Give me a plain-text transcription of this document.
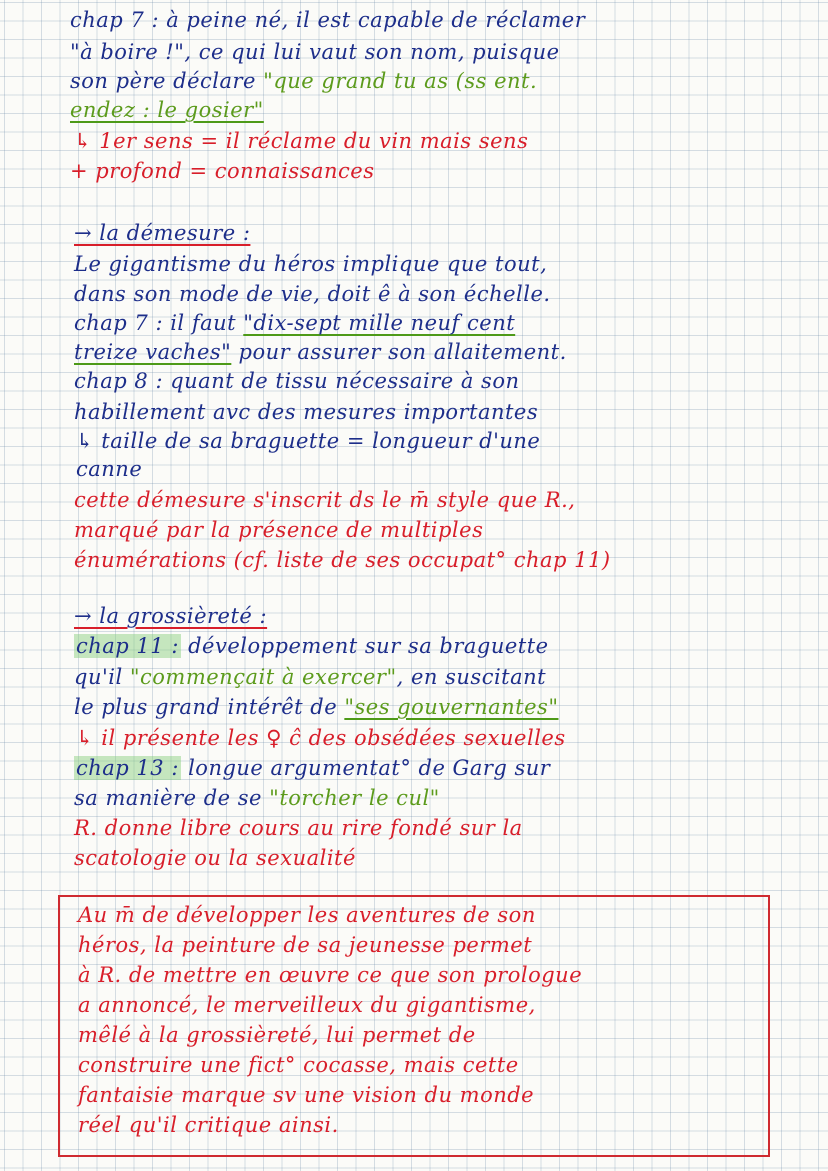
chap 7 : à peine né, il est capable de réclamer

"à boire !", ce qui lui vaut son nom, puisque

son père déclare "que grand tu as (ss ent.

endez : le gosier"

↳ 1er sens = il réclame du vin mais sens

+ profond = connaissances

→ la démesure :

Le gigantisme du héros implique que tout,

dans son mode de vie, doit ê à son échelle.

chap 7 : il faut "dix-sept mille neuf cent

treize vaches" pour assurer son allaitement.

chap 8 : quant de tissu nécessaire à son

habillement avc des mesures importantes

↳ taille de sa braguette = longueur d'une

canne

cette démesure s'inscrit ds le m̄ style que R.,

marqué par la présence de multiples

énumérations (cf. liste de ses occupat° chap 11)

→ la grossièreté :

chap 11 : développement sur sa braguette

qu'il "commençait à exercer", en suscitant

le plus grand intérêt de "ses gouvernantes"

↳ il présente les ♀ ĉ des obsédées sexuelles

chap 13 : longue argumentat° de Garg sur

sa manière de se "torcher le cul"

R. donne libre cours au rire fondé sur la

scatologie ou la sexualité

Au m̄ de développer les aventures de son

héros, la peinture de sa jeunesse permet

à R. de mettre en œuvre ce que son prologue

a annoncé, le merveilleux du gigantisme,

mêlé à la grossièreté, lui permet de

construire une fict° cocasse, mais cette

fantaisie marque sv une vision du monde

réel qu'il critique ainsi.
